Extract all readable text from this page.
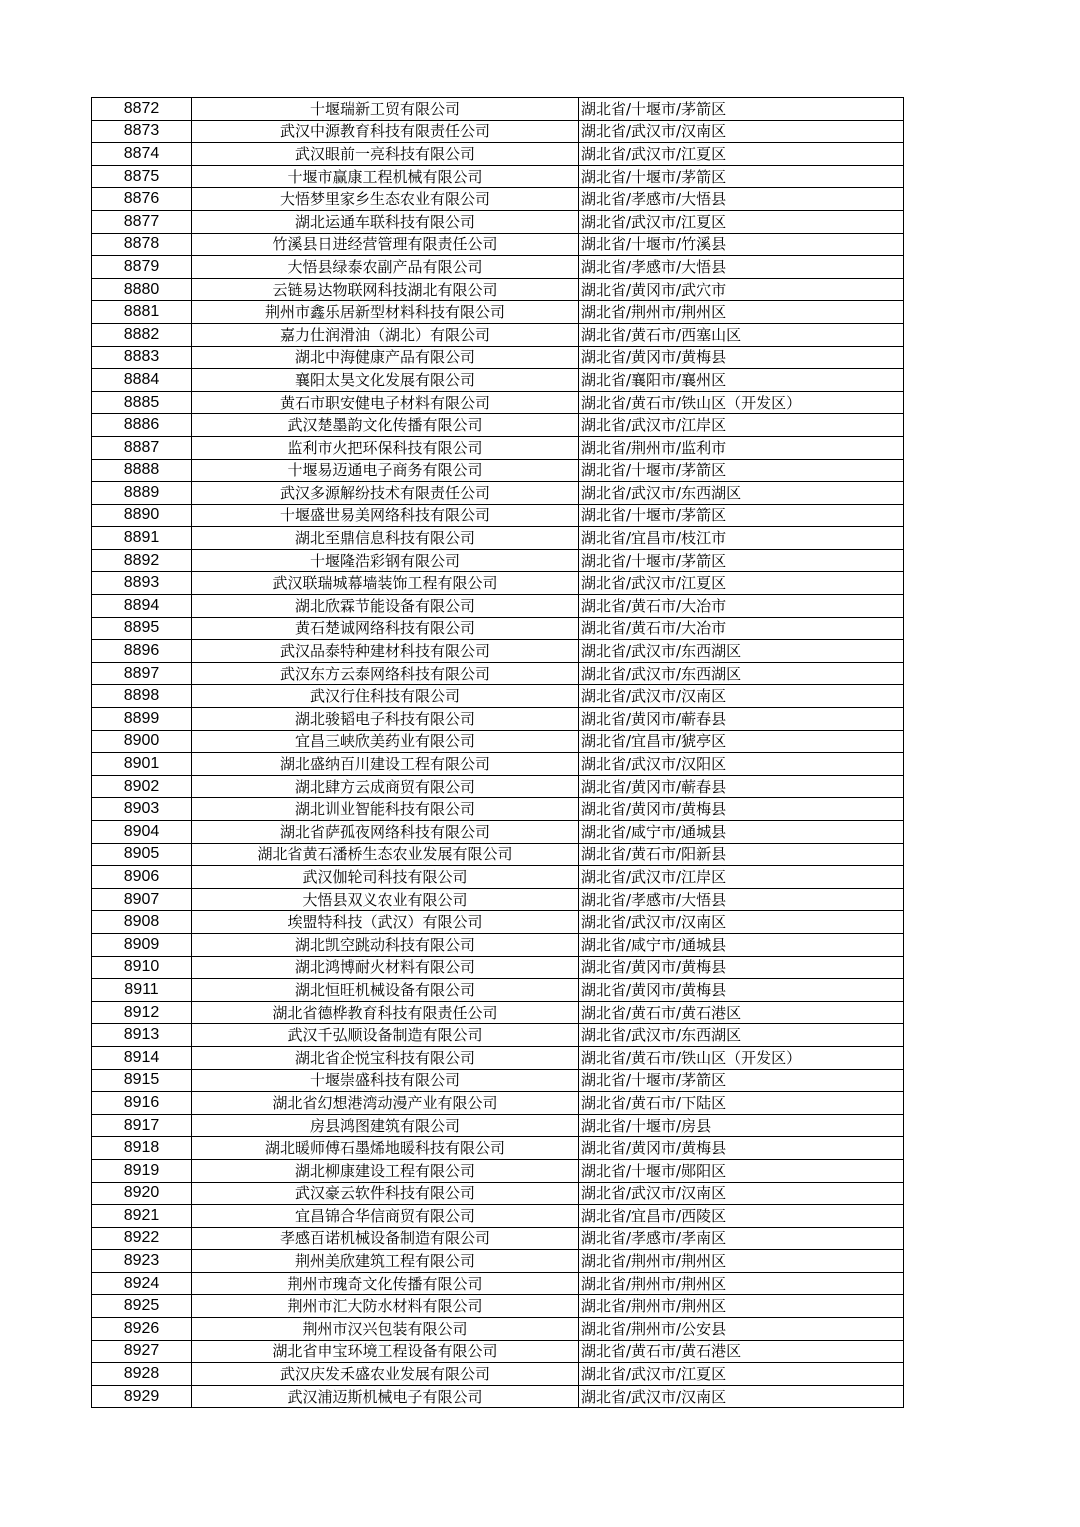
8872	十堰瑞新工贸有限公司	湖北省/十堰市/茅箭区
8873	武汉中源教育科技有限责任公司	湖北省/武汉市/汉南区
8874	武汉眼前一亮科技有限公司	湖北省/武汉市/江夏区
8875	十堰市赢康工程机械有限公司	湖北省/十堰市/茅箭区
8876	大悟梦里家乡生态农业有限公司	湖北省/孝感市/大悟县
8877	湖北运通车联科技有限公司	湖北省/武汉市/江夏区
8878	竹溪县日进经营管理有限责任公司	湖北省/十堰市/竹溪县
8879	大悟县绿泰农副产品有限公司	湖北省/孝感市/大悟县
8880	云链易达物联网科技湖北有限公司	湖北省/黄冈市/武穴市
8881	荆州市鑫乐居新型材料科技有限公司	湖北省/荆州市/荆州区
8882	嘉力仕润滑油（湖北）有限公司	湖北省/黄石市/西塞山区
8883	湖北中海健康产品有限公司	湖北省/黄冈市/黄梅县
8884	襄阳太昊文化发展有限公司	湖北省/襄阳市/襄州区
8885	黄石市职安健电子材料有限公司	湖北省/黄石市/铁山区（开发区）
8886	武汉楚墨韵文化传播有限公司	湖北省/武汉市/江岸区
8887	监利市火把环保科技有限公司	湖北省/荆州市/监利市
8888	十堰易迈通电子商务有限公司	湖北省/十堰市/茅箭区
8889	武汉多源解纷技术有限责任公司	湖北省/武汉市/东西湖区
8890	十堰盛世易美网络科技有限公司	湖北省/十堰市/茅箭区
8891	湖北至鼎信息科技有限公司	湖北省/宜昌市/枝江市
8892	十堰隆浩彩钢有限公司	湖北省/十堰市/茅箭区
8893	武汉联瑞城幕墙装饰工程有限公司	湖北省/武汉市/江夏区
8894	湖北欣霖节能设备有限公司	湖北省/黄石市/大冶市
8895	黄石楚诚网络科技有限公司	湖北省/黄石市/大冶市
8896	武汉品泰特种建材科技有限公司	湖北省/武汉市/东西湖区
8897	武汉东方云泰网络科技有限公司	湖北省/武汉市/东西湖区
8898	武汉行住科技有限公司	湖北省/武汉市/汉南区
8899	湖北骏韬电子科技有限公司	湖北省/黄冈市/蕲春县
8900	宜昌三峡欣美药业有限公司	湖北省/宜昌市/猇亭区
8901	湖北盛纳百川建设工程有限公司	湖北省/武汉市/汉阳区
8902	湖北肆方云成商贸有限公司	湖北省/黄冈市/蕲春县
8903	湖北训业智能科技有限公司	湖北省/黄冈市/黄梅县
8904	湖北省萨孤夜网络科技有限公司	湖北省/咸宁市/通城县
8905	湖北省黄石潘桥生态农业发展有限公司	湖北省/黄石市/阳新县
8906	武汉伽轮司科技有限公司	湖北省/武汉市/江岸区
8907	大悟县双义农业有限公司	湖北省/孝感市/大悟县
8908	埃盟特科技（武汉）有限公司	湖北省/武汉市/汉南区
8909	湖北凯空跳动科技有限公司	湖北省/咸宁市/通城县
8910	湖北鸿博耐火材料有限公司	湖北省/黄冈市/黄梅县
8911	湖北恒旺机械设备有限公司	湖北省/黄冈市/黄梅县
8912	湖北省德桦教育科技有限责任公司	湖北省/黄石市/黄石港区
8913	武汉千弘顺设备制造有限公司	湖北省/武汉市/东西湖区
8914	湖北省企悦宝科技有限公司	湖北省/黄石市/铁山区（开发区）
8915	十堰崇盛科技有限公司	湖北省/十堰市/茅箭区
8916	湖北省幻想港湾动漫产业有限公司	湖北省/黄石市/下陆区
8917	房县鸿图建筑有限公司	湖北省/十堰市/房县
8918	湖北暖师傅石墨烯地暖科技有限公司	湖北省/黄冈市/黄梅县
8919	湖北柳康建设工程有限公司	湖北省/十堰市/郧阳区
8920	武汉豪云软件科技有限公司	湖北省/武汉市/汉南区
8921	宜昌锦合华信商贸有限公司	湖北省/宜昌市/西陵区
8922	孝感百诺机械设备制造有限公司	湖北省/孝感市/孝南区
8923	荆州美欣建筑工程有限公司	湖北省/荆州市/荆州区
8924	荆州市瑰奇文化传播有限公司	湖北省/荆州市/荆州区
8925	荆州市汇大防水材料有限公司	湖北省/荆州市/荆州区
8926	荆州市汉兴包装有限公司	湖北省/荆州市/公安县
8927	湖北省申宝环境工程设备有限公司	湖北省/黄石市/黄石港区
8928	武汉庆发禾盛农业发展有限公司	湖北省/武汉市/江夏区
8929	武汉浦迈斯机械电子有限公司	湖北省/武汉市/汉南区
